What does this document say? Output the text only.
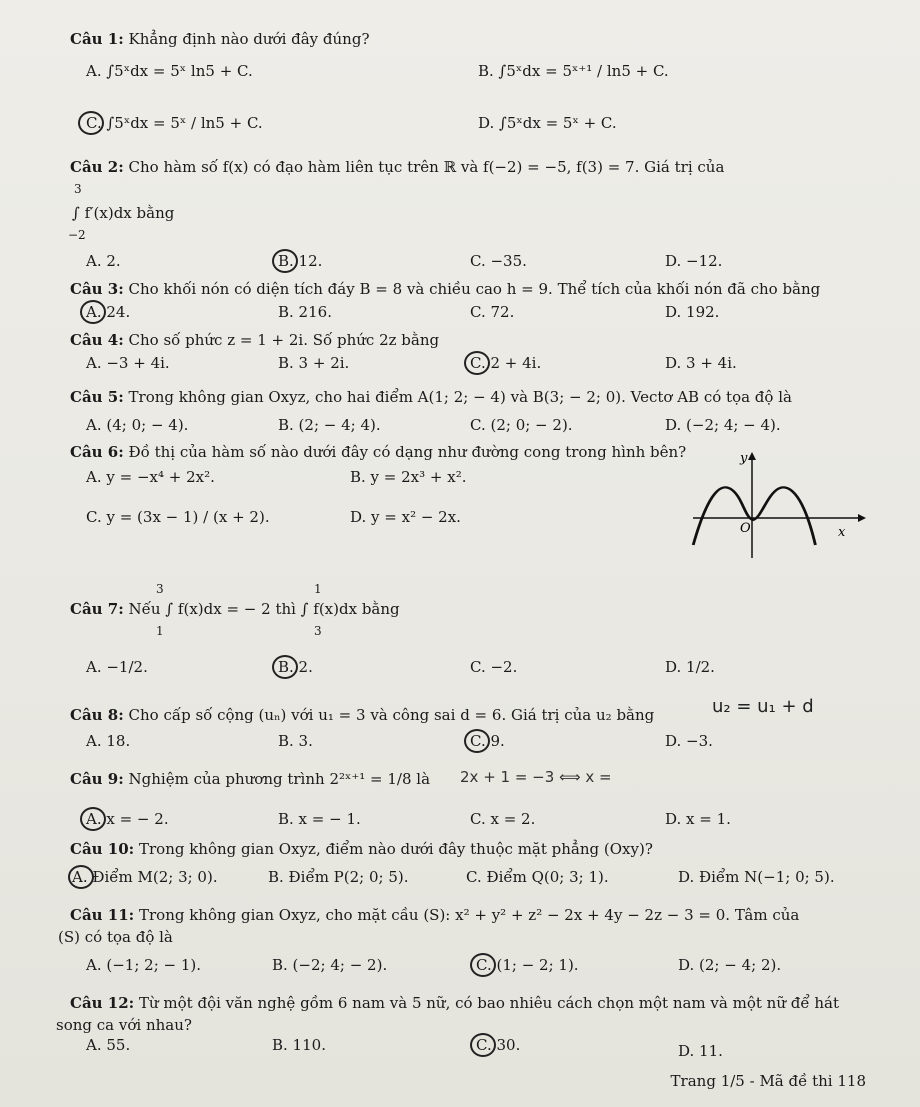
Câu 1: Khẳng định nào dưới đây đúng?
A. ∫5ˣdx = 5ˣ ln5 + C.	B. ∫5ˣdx = 5ˣ⁺¹ / ln5 + C.
C. ∫5ˣdx = 5ˣ / ln5 + C.	D. ∫5ˣdx = 5ˣ + C.
Câu 2: Cho hàm số f(x) có đạo hàm liên tục trên ℝ và f(−2) = −5, f(3) = 7. Giá trị của
3
∫ f′(x)dx bằng
−2
A. 2.	B. 12.	C. −35.	D. −12.
Câu 3: Cho khối nón có diện tích đáy B = 8 và chiều cao h = 9. Thể tích của khối nón đã cho bằng
A. 24.	B. 216.	C. 72.	D. 192.
Câu 4: Cho số phức z = 1 + 2i. Số phức 2z bằng
A. −3 + 4i.	B. 3 + 2i.	C. 2 + 4i.	D. 3 + 4i.
Câu 5: Trong không gian Oxyz, cho hai điểm A(1; 2; − 4) và B(3; − 2; 0). Vectơ AB có tọa độ là
A. (4; 0; − 4).	B. (2; − 4; 4).	C. (2; 0; − 2).	D. (−2; 4; − 4).
Câu 6: Đồ thị của hàm số nào dưới đây có dạng như đường cong trong hình bên?
A. y = −x⁴ + 2x².	B. y = 2x³ + x².
C. y = (3x − 1) / (x + 2).	D. y = x² − 2x.
y
x
O
3	1
Câu 7: Nếu ∫ f(x)dx = − 2 thì ∫ f(x)dx bằng
1	3
A. −1/2.	B. 2.	C. −2.	D. 1/2.
Câu 8: Cho cấp số cộng (uₙ) với u₁ = 3 và công sai d = 6. Giá trị của u₂ bằng	u₂ = u₁ + d
A. 18.	B. 3.	C. 9.	D. −3.
Câu 9: Nghiệm của phương trình 2²ˣ⁺¹ = 1/8 là 2x + 1 = −3 ⟺ x =
A. x = − 2.	B. x = − 1.	C. x = 2.	D. x = 1.
Câu 10: Trong không gian Oxyz, điểm nào dưới đây thuộc mặt phẳng (Oxy)?
A. Điểm M(2; 3; 0).	B. Điểm P(2; 0; 5).	C. Điểm Q(0; 3; 1).	D. Điểm N(−1; 0; 5).
Câu 11: Trong không gian Oxyz, cho mặt cầu (S): x² + y² + z² − 2x + 4y − 2z − 3 = 0. Tâm của
(S) có tọa độ là
A. (−1; 2; − 1).	B. (−2; 4; − 2).	C. (1; − 2; 1).	D. (2; − 4; 2).
Câu 12: Từ một đội văn nghệ gồm 6 nam và 5 nữ, có bao nhiêu cách chọn một nam và một nữ để hát
song ca với nhau?
A. 55.	B. 110.	C. 30.	D. 11.
Trang 1/5 - Mã đề thi 118
